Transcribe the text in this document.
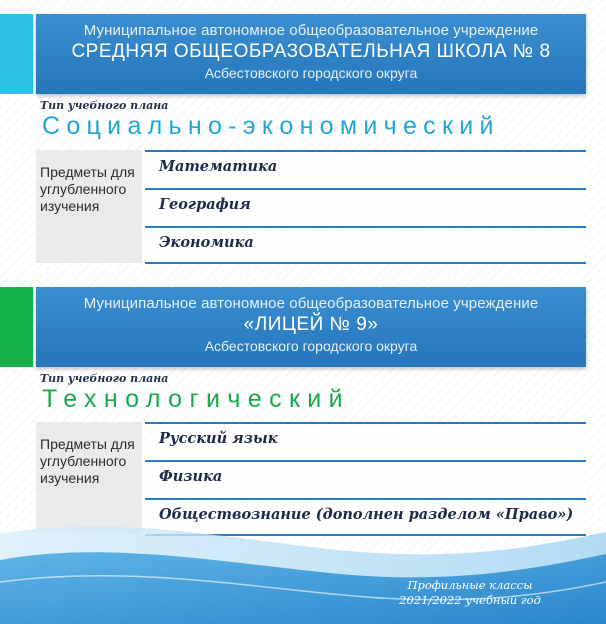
Муниципальное автономное общеобразовательное учреждение
СРЕДНЯЯ ОБЩЕОБРАЗОВАТЕЛЬНАЯ ШКОЛА № 8
Асбестовского городского округа
Тип учебного плана
Социально-экономический
Предметы для углубленного изучения
Математика
География
Экономика
Муниципальное автономное общеобразовательное учреждение
«ЛИЦЕЙ № 9»
Асбестовского городского округа
Тип учебного плана
Технологический
Предметы для углубленного изучения
Русский язык
Физика
Обществознание (дополнен разделом «Право»)
Профильные классы
2021/2022 учебный год
